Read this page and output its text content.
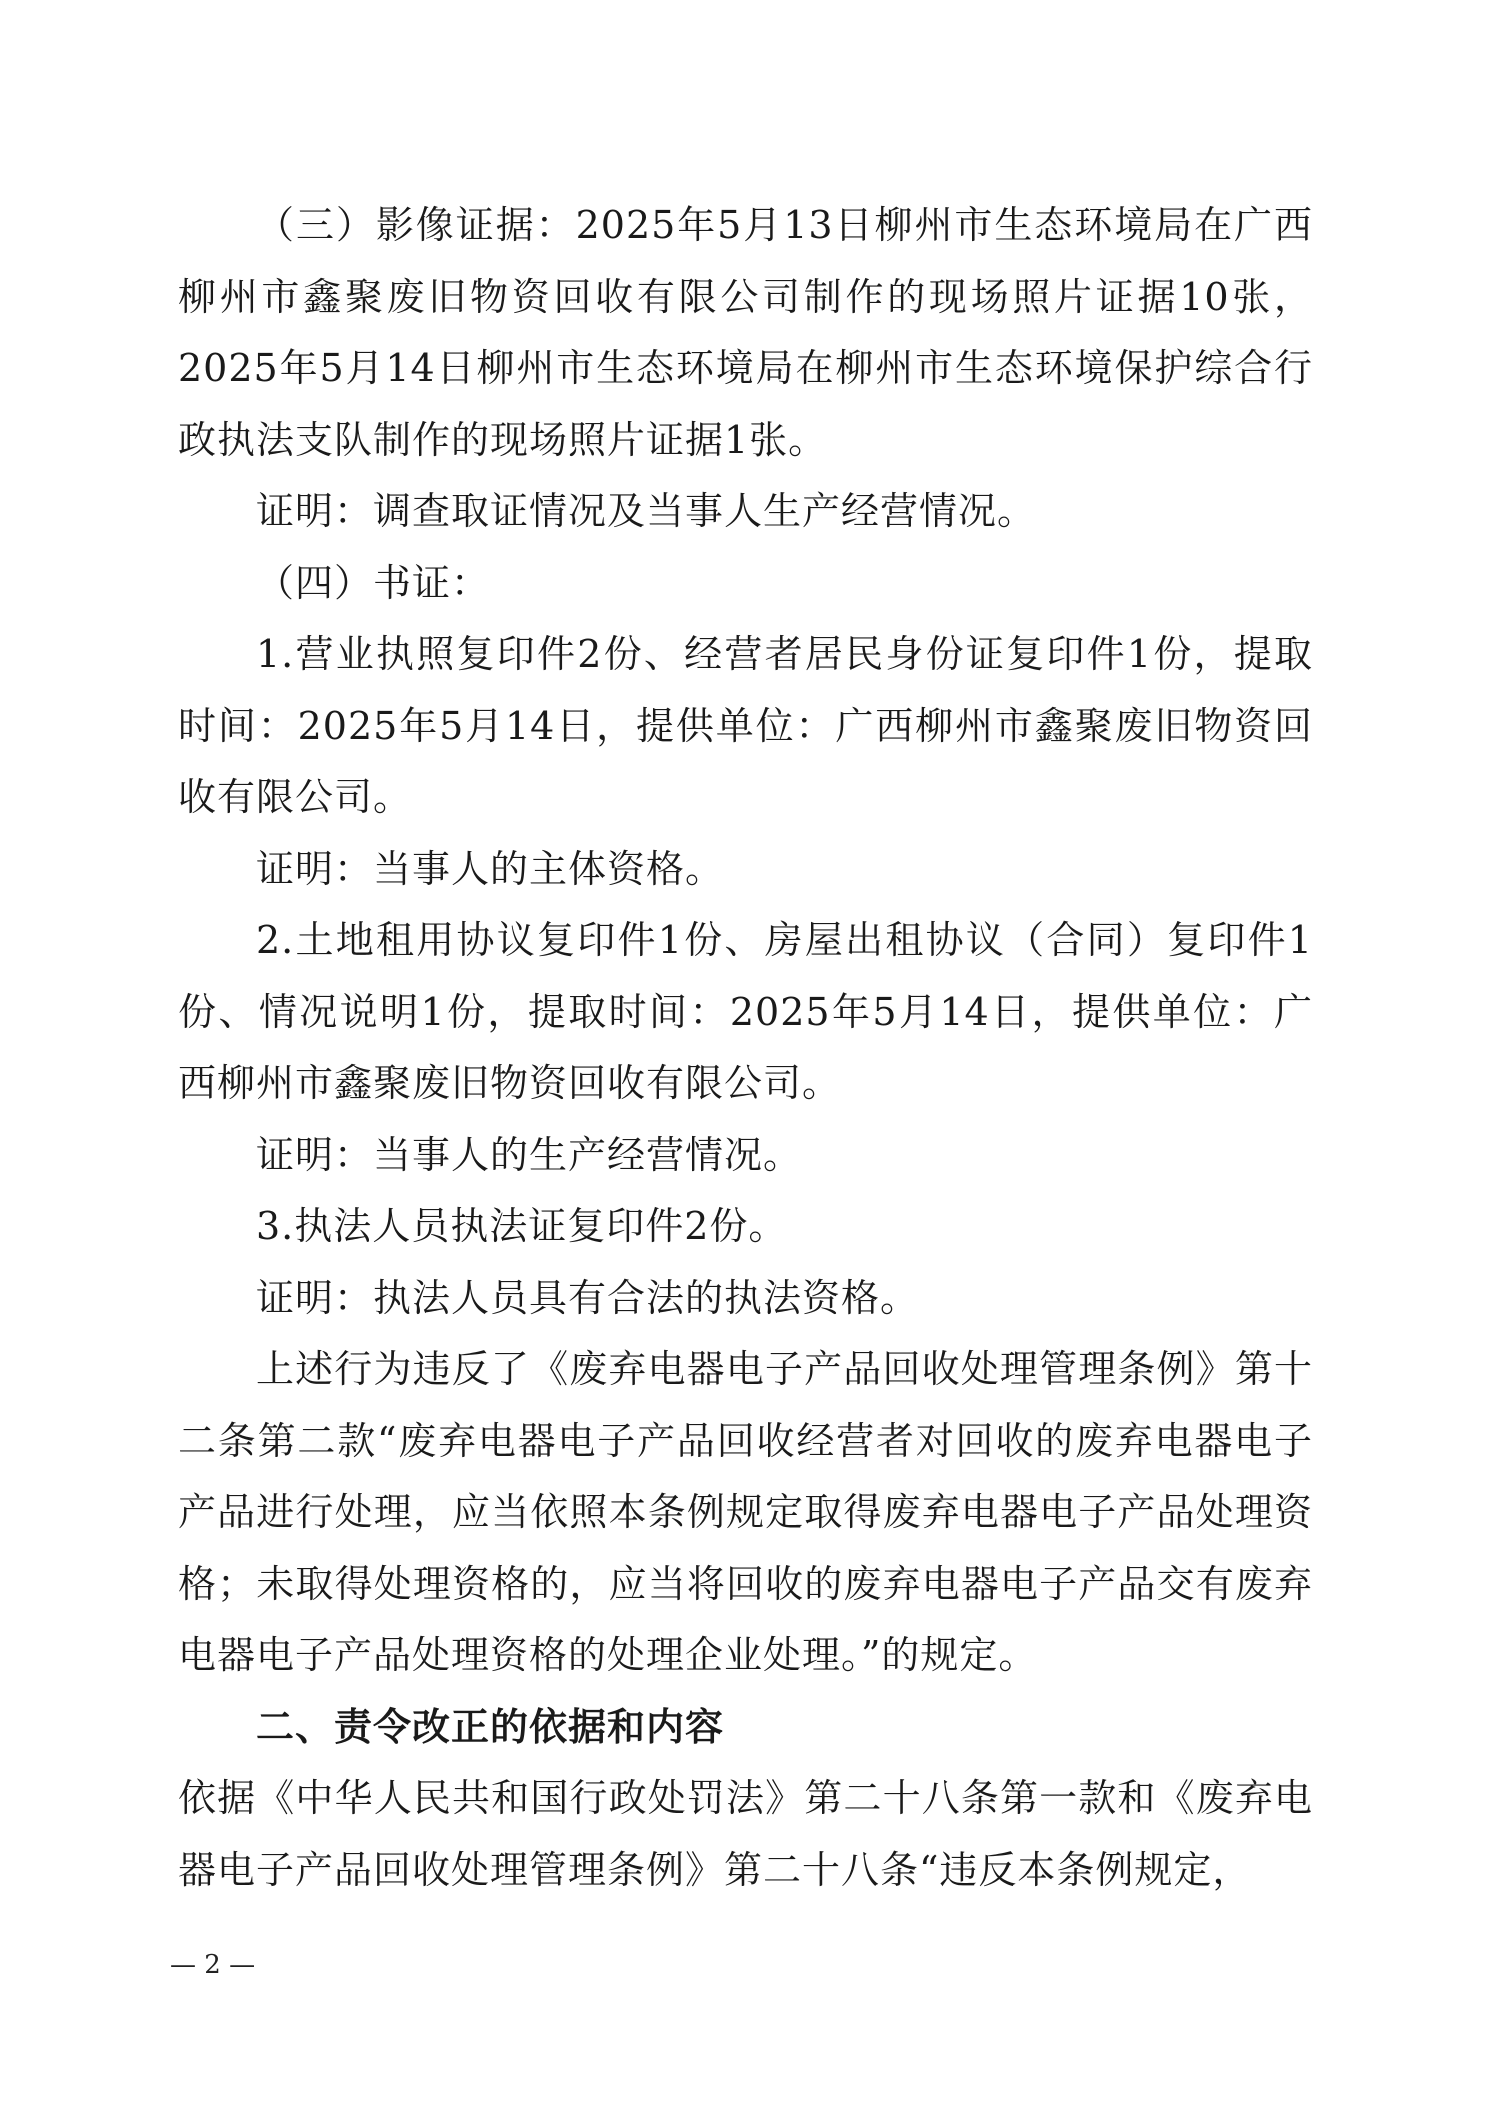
（三）影像证据：2025年5月13日柳州市生态环境局在广西柳州市鑫聚废旧物资回收有限公司制作的现场照片证据10张，2025年5月14日柳州市生态环境局在柳州市生态环境保护综合行政执法支队制作的现场照片证据1张。

证明：调查取证情况及当事人生产经营情况。

（四）书证：

1.营业执照复印件2份、经营者居民身份证复印件1份，提取时间：2025年5月14日，提供单位：广西柳州市鑫聚废旧物资回收有限公司。

证明：当事人的主体资格。

2.土地租用协议复印件1份、房屋出租协议（合同）复印件1份、情况说明1份，提取时间：2025年5月14日，提供单位：广西柳州市鑫聚废旧物资回收有限公司。

证明：当事人的生产经营情况。

3.执法人员执法证复印件2份。

证明：执法人员具有合法的执法资格。

上述行为违反了《废弃电器电子产品回收处理管理条例》第十二条第二款“废弃电器电子产品回收经营者对回收的废弃电器电子产品进行处理，应当依照本条例规定取得废弃电器电子产品处理资格；未取得处理资格的，应当将回收的废弃电器电子产品交有废弃电器电子产品处理资格的处理企业处理。”的规定。

二、责令改正的依据和内容

依据《中华人民共和国行政处罚法》第二十八条第一款和《废弃电器电子产品回收处理管理条例》第二十八条“违反本条例规定，

— 2 —
